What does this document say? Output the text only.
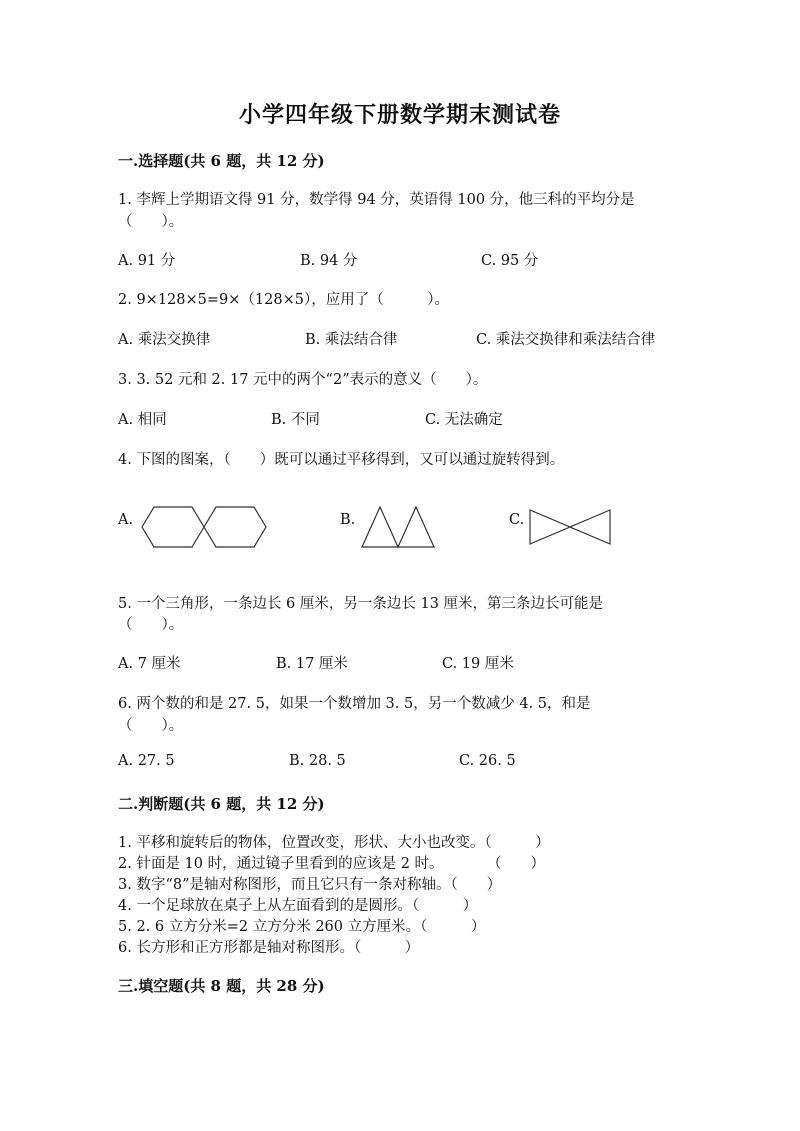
小学四年级下册数学期末测试卷
一.选择题(共 6 题，共 12 分)
1. 李辉上学期语文得 91 分，数学得 94 分，英语得 100 分，他三科的平均分是
（　　）。
A. 91 分	B. 94 分	C. 95 分
2. 9×128×5=9×（128×5），应用了（　　　）。
A. 乘法交换律	B. 乘法结合律	C. 乘法交换律和乘法结合律
3. 3. 52 元和 2. 17 元中的两个“2”表示的意义（　　）。
A. 相同	B. 不同	C. 无法确定
4. 下图的图案，（　　）既可以通过平移得到，又可以通过旋转得到。
A.	B.	C.
5. 一个三角形，一条边长 6 厘米，另一条边长 13 厘米，第三条边长可能是
（　　）。
A. 7 厘米	B. 17 厘米	C. 19 厘米
6. 两个数的和是 27. 5，如果一个数增加 3. 5，另一个数减少 4. 5，和是
（　　）。
A. 27. 5	B. 28. 5	C. 26. 5
二.判断题(共 6 题，共 12 分)
1. 平移和旋转后的物体，位置改变，形状、大小也改变。（　　　）
2. 针面是 10 时，通过镜子里看到的应该是 2 时。　　　　（　　）
3. 数字“8”是轴对称图形，而且它只有一条对称轴。（　　）
4. 一个足球放在桌子上从左面看到的是圆形。（　　　）
5. 2. 6 立方分米=2 立方分米 260 立方厘米。（　　　）
6. 长方形和正方形都是轴对称图形。（　　　）
三.填空题(共 8 题，共 28 分)
